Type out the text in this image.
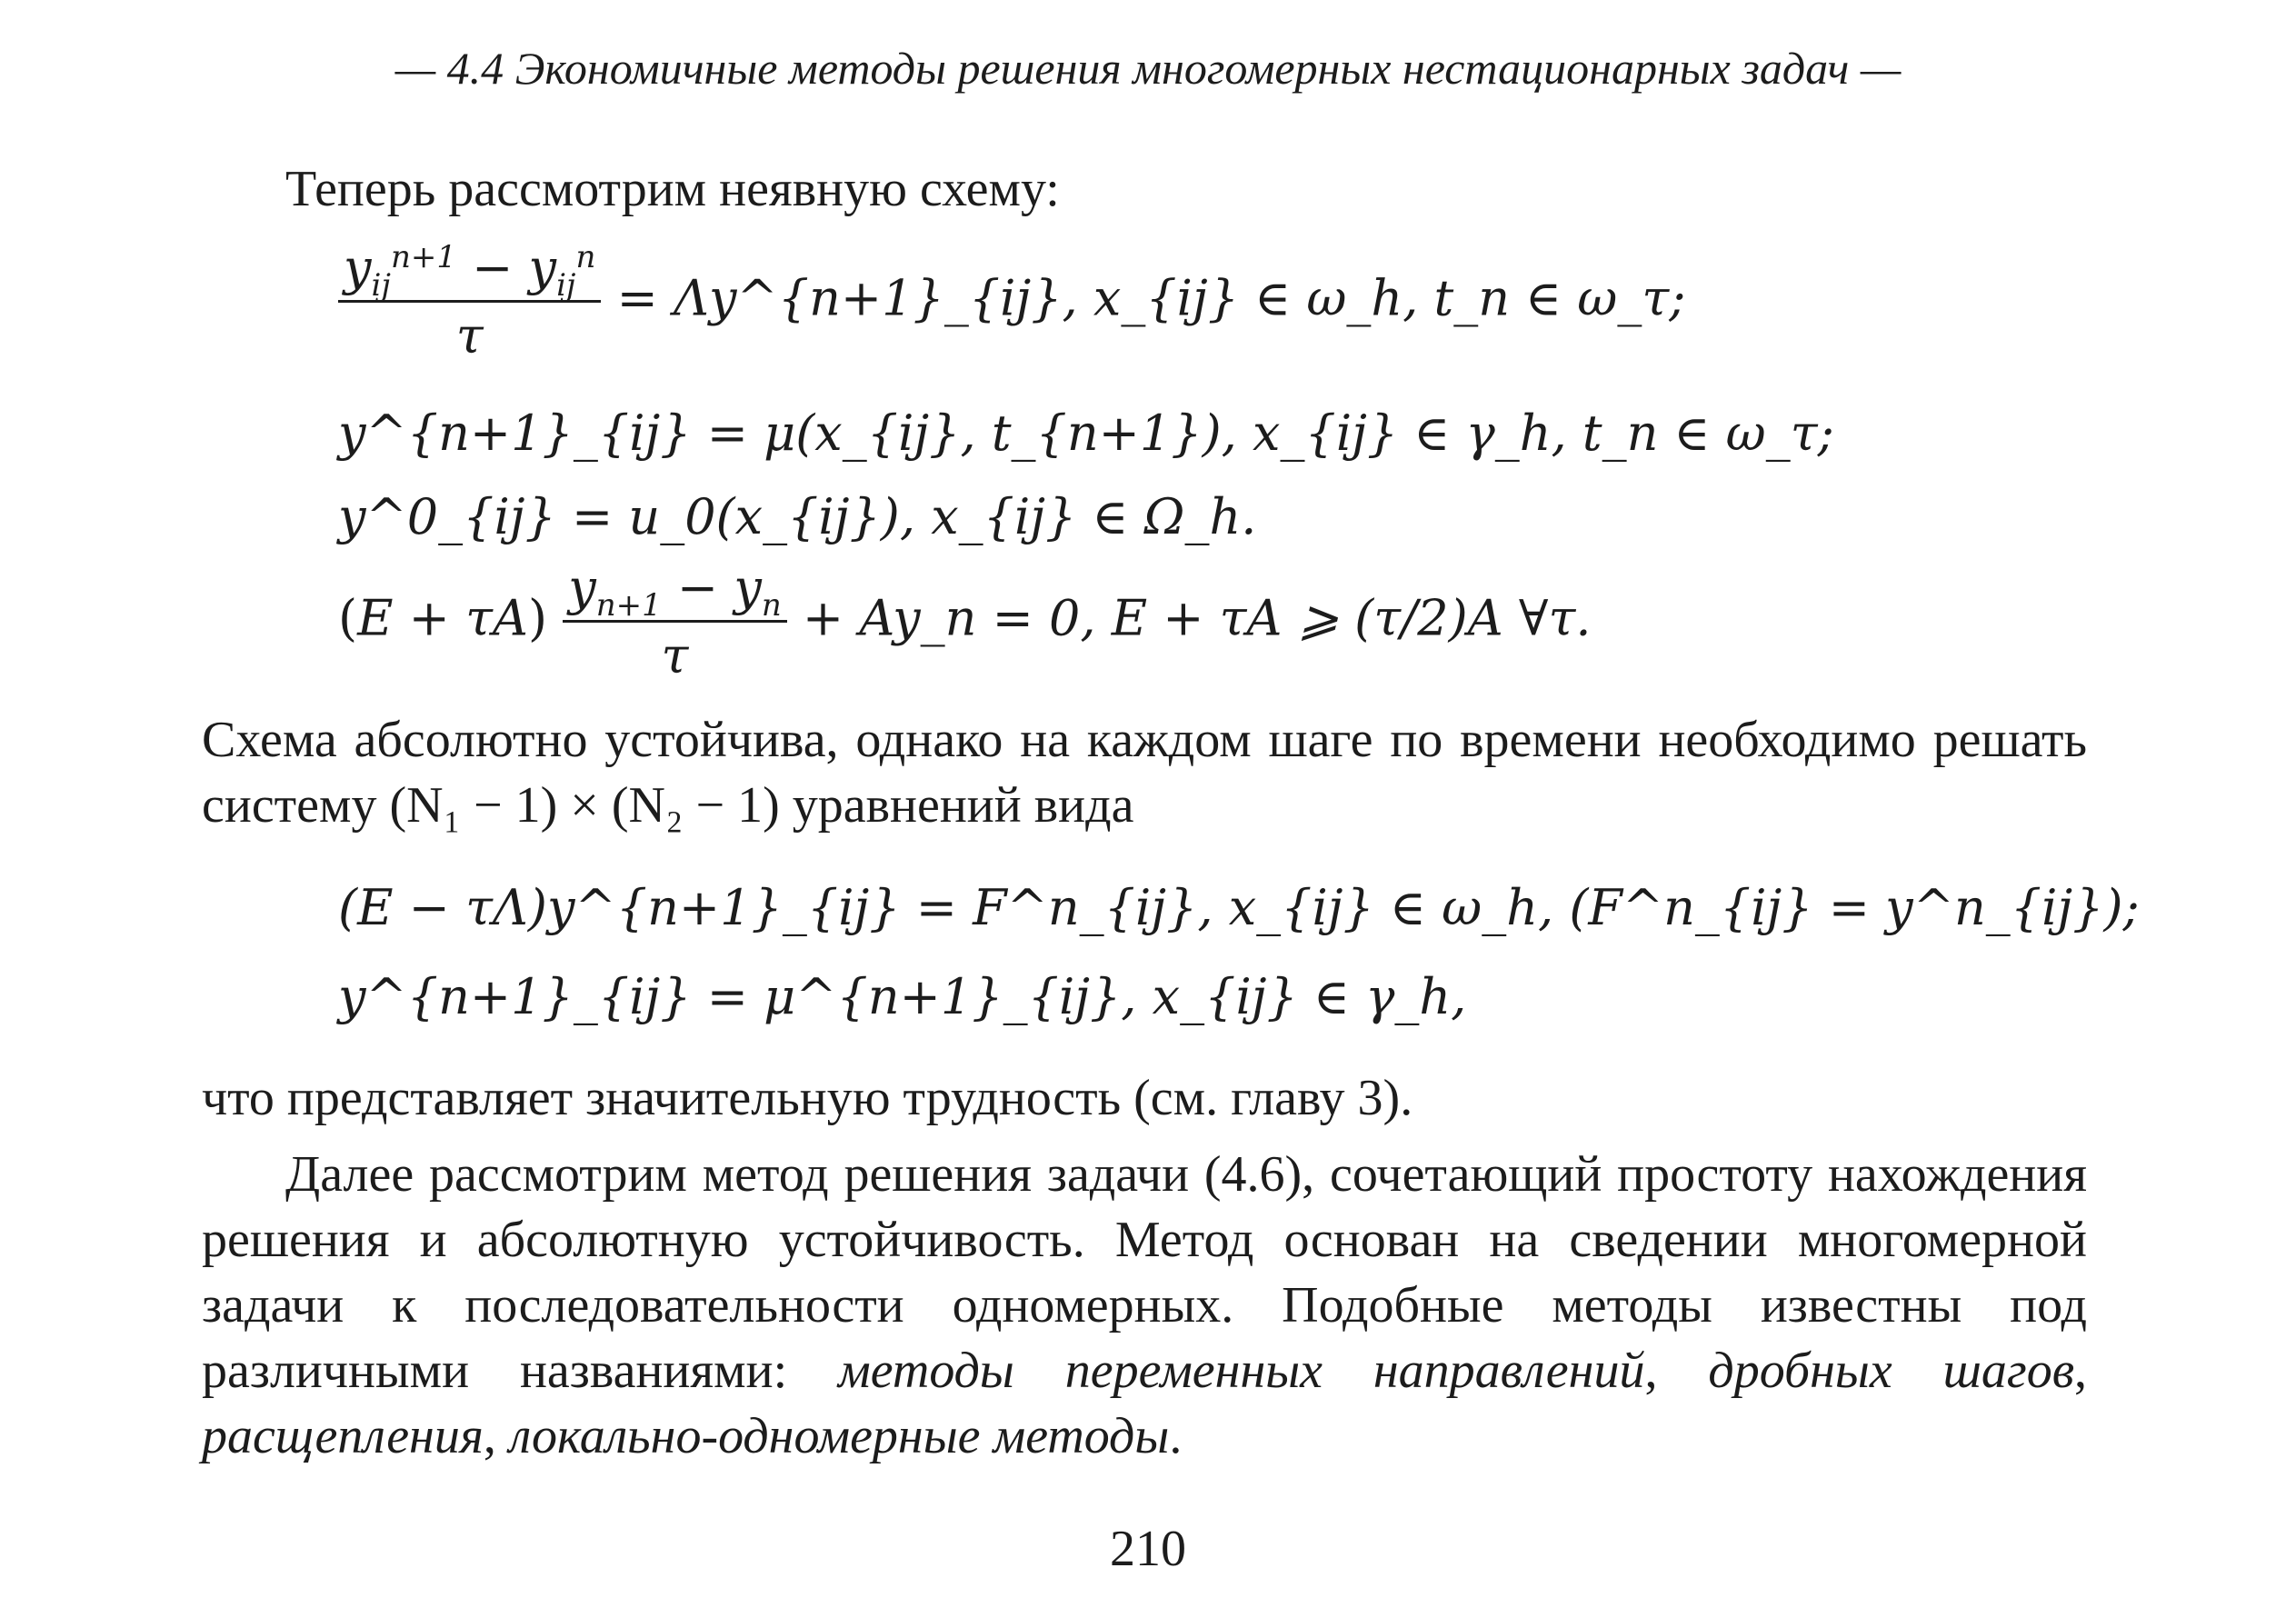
— 4.4 Экономичные методы решения многомерных нестационарных задач —
Теперь рассмотрим неявную схему:
$\frac{y_{ij}^{n+1} - y_{ij}^n}{\tau}$ = Λy^{n+1}_{ij}, x_{ij} ∈ ω_h, t_n ∈ ω_τ;
y^{n+1}_{ij} = μ(x_{ij}, t_{n+1}), x_{ij} ∈ γ_h, t_n ∈ ω_τ;
y^0_{ij} = u_0(x_{ij}), x_{ij} ∈ Ω_h.
$(E + \tau A) \frac{y_{n+1} - y_n}{\tau}$ + Ay_n = 0, E + τA ⩾ (τ/2)A ∀τ.
Схема абсолютно устойчива, однако на каждом шаге по времени необходимо решать систему (N₁ − 1) × (N₂ − 1) уравнений вида
(E − τΛ)y^{n+1}_{ij} = F^n_{ij}, x_{ij} ∈ ω_h, (F^n_{ij} = y^n_{ij});
y^{n+1}_{ij} = μ^{n+1}_{ij}, x_{ij} ∈ γ_h,
что представляет значительную трудность (см. главу 3).
Далее рассмотрим метод решения задачи (4.6), сочетающий простоту нахождения решения и абсолютную устойчивость. Метод основан на сведении многомерной задачи к последовательности одномерных. Подобные методы известны под различными названиями: методы переменных направлений, дробных шагов, расщепления, локально-одномерные методы.
210
